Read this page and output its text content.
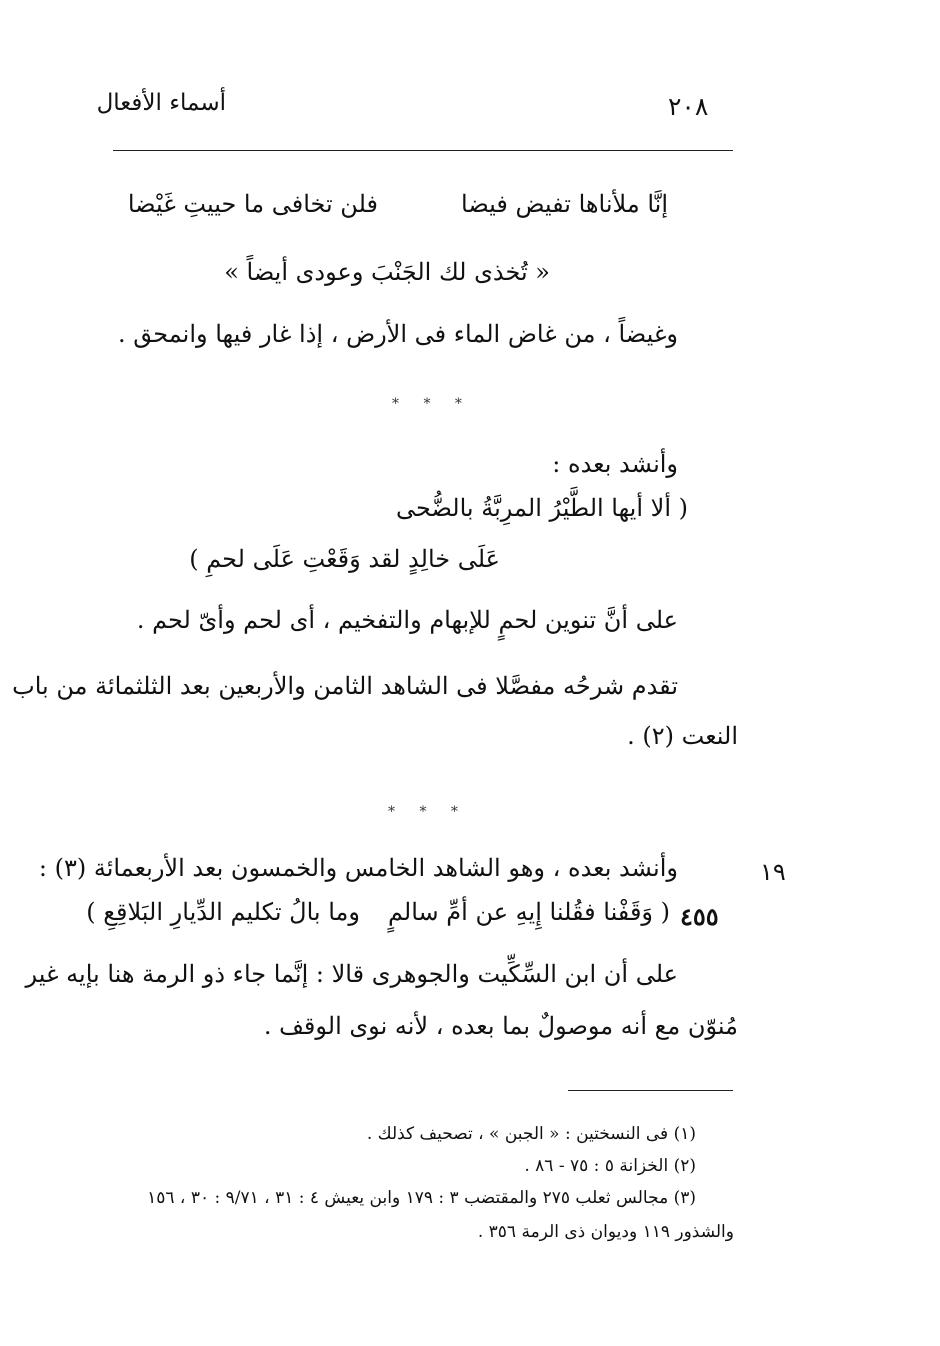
٢٠٨
أسماء الأفعال
إنَّا ملأناها تفيض فيضا
فلن تخافى ما حييتِ غَيْضا
« تُخذى لك الجَنْبَ وعودى أيضاً »
وغيضاً ، من غاض الماء فى الأرض ، إذا غار فيها وانمحق .
* * *
وأنشد بعده :
( ألا أيها الطَّيْرُ المرِبَّةُ بالضُّحى
عَلَى خالِدٍ لقد وَقَعْتِ عَلَى لحمِ )
على أنَّ تنوين لحمٍ للإبهام والتفخيم ، أى لحم وأىّ لحم .
تقدم شرحُه مفصَّلا فى الشاهد الثامن والأربعين بعد الثلثمائة من باب
النعت (٢) .
* * *
١٩
وأنشد بعده ، وهو الشاهد الخامس والخمسون بعد الأربعمائة (٣) :
٤٥٥
( وَقَفْنا فقُلنا إِيهِ عن أمِّ سالمٍ
وما بالُ تكليم الدِّيارِ البَلاقِعِ )
على أن ابن السِّكِّيت والجوهرى قالا : إنَّما جاء ذو الرمة هنا بإيه غير
مُنوّن مع أنه موصولٌ بما بعده ، لأنه نوى الوقف .
(١) فى النسختين : « الجبن » ، تصحيف كذلك .
(٢) الخزانة ٥ : ٧٥ - ٨٦ .
(٣) مجالس ثعلب ٢٧٥ والمقتضب ٣ : ١٧٩ وابن يعيش ٤ : ٣١ ، ٩/٧١ : ٣٠ ، ١٥٦
والشذور ١١٩ وديوان ذى الرمة ٣٥٦ .
